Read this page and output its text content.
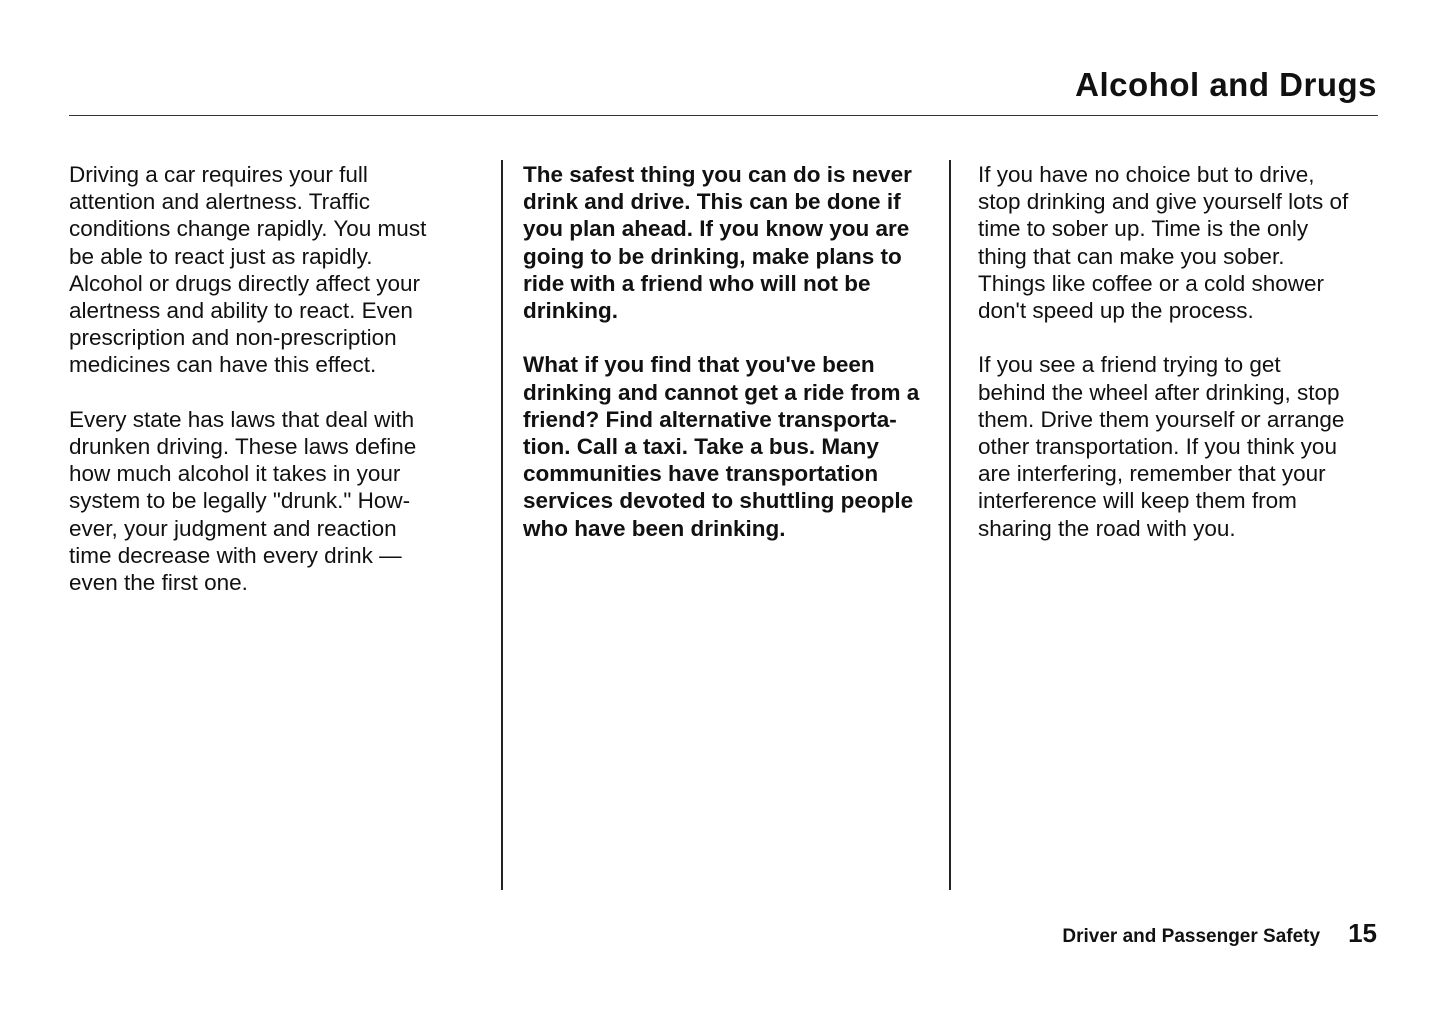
Alcohol and Drugs

Driving a car requires your full
attention and alertness. Traffic
conditions change rapidly. You must
be able to react just as rapidly.
Alcohol or drugs directly affect your
alertness and ability to react. Even
prescription and non-prescription
medicines can have this effect.

Every state has laws that deal with
drunken driving. These laws define
how much alcohol it takes in your
system to be legally "drunk." How-
ever, your judgment and reaction
time decrease with every drink —
even the first one.

The safest thing you can do is never
drink and drive. This can be done if
you plan ahead. If you know you are
going to be drinking, make plans to
ride with a friend who will not be
drinking.

What if you find that you've been
drinking and cannot get a ride from a
friend? Find alternative transporta-
tion. Call a taxi. Take a bus. Many
communities have transportation
services devoted to shuttling people
who have been drinking.

If you have no choice but to drive,
stop drinking and give yourself lots of
time to sober up. Time is the only
thing that can make you sober.
Things like coffee or a cold shower
don't speed up the process.

If you see a friend trying to get
behind the wheel after drinking, stop
them. Drive them yourself or arrange
other transportation. If you think you
are interfering, remember that your
interference will keep them from
sharing the road with you.

Driver and Passenger Safety 15
